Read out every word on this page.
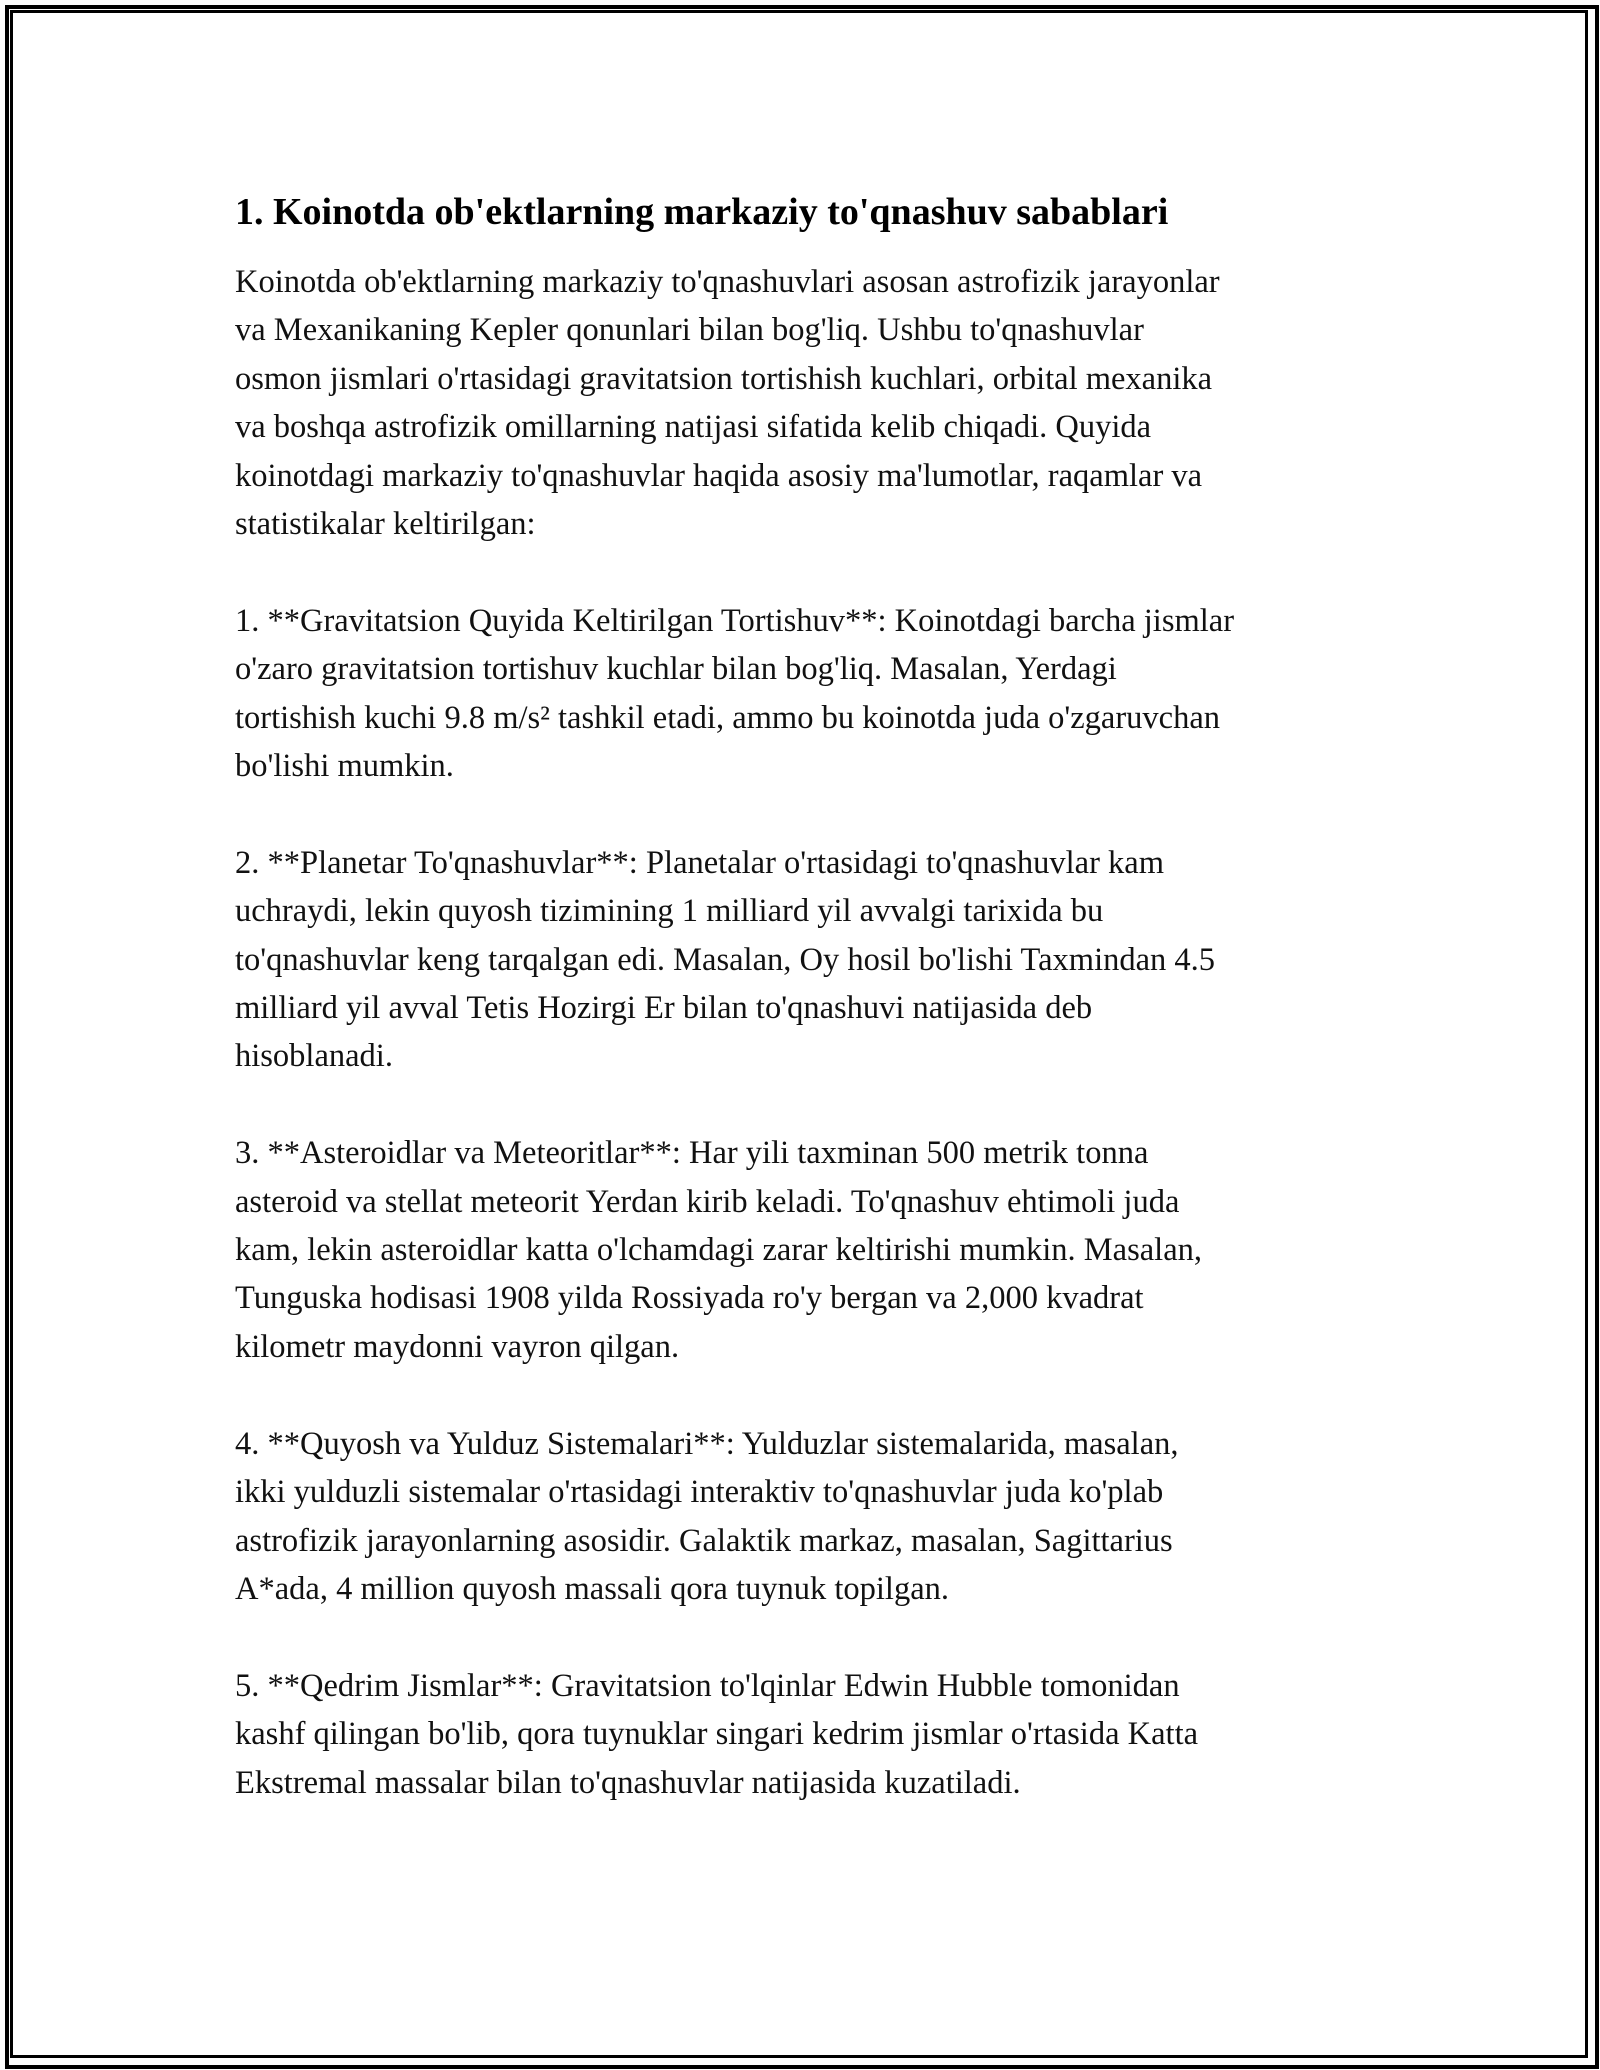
1. Koinotda ob'ektlarning markaziy to'qnashuv sabablari
Koinotda ob'ektlarning markaziy to'qnashuvlari asosan astrofizik jarayonlar
va Mexanikaning Kepler qonunlari bilan bog'liq. Ushbu to'qnashuvlar
osmon jismlari o'rtasidagi gravitatsion tortishish kuchlari, orbital mexanika
va boshqa astrofizik omillarning natijasi sifatida kelib chiqadi. Quyida
koinotdagi markaziy to'qnashuvlar haqida asosiy ma'lumotlar, raqamlar va
statistikalar keltirilgan:
1. **Gravitatsion Quyida Keltirilgan Tortishuv**: Koinotdagi barcha jismlar
o'zaro gravitatsion tortishuv kuchlar bilan bog'liq. Masalan, Yerdagi
tortishish kuchi 9.8 m/s² tashkil etadi, ammo bu koinotda juda o'zgaruvchan
bo'lishi mumkin.
2. **Planetar To'qnashuvlar**: Planetalar o'rtasidagi to'qnashuvlar kam
uchraydi, lekin quyosh tizimining 1 milliard yil avvalgi tarixida bu
to'qnashuvlar keng tarqalgan edi. Masalan, Oy hosil bo'lishi Taxmindan 4.5
milliard yil avval Tetis Hozirgi Er bilan to'qnashuvi natijasida deb
hisoblanadi.
3. **Asteroidlar va Meteoritlar**: Har yili taxminan 500 metrik tonna
asteroid va stellat meteorit Yerdan kirib keladi. To'qnashuv ehtimoli juda
kam, lekin asteroidlar katta o'lchamdagi zarar keltirishi mumkin. Masalan,
Tunguska hodisasi 1908 yilda Rossiyada ro'y bergan va 2,000 kvadrat
kilometr maydonni vayron qilgan.
4. **Quyosh va Yulduz Sistemalari**: Yulduzlar sistemalarida, masalan,
ikki yulduzli sistemalar o'rtasidagi interaktiv to'qnashuvlar juda ko'plab
astrofizik jarayonlarning asosidir. Galaktik markaz, masalan, Sagittarius
A*ada, 4 million quyosh massali qora tuynuk topilgan.
5. **Qedrim Jismlar**: Gravitatsion to'lqinlar Edwin Hubble tomonidan
kashf qilingan bo'lib, qora tuynuklar singari kedrim jismlar o'rtasida Katta
Ekstremal massalar bilan to'qnashuvlar natijasida kuzatiladi.
